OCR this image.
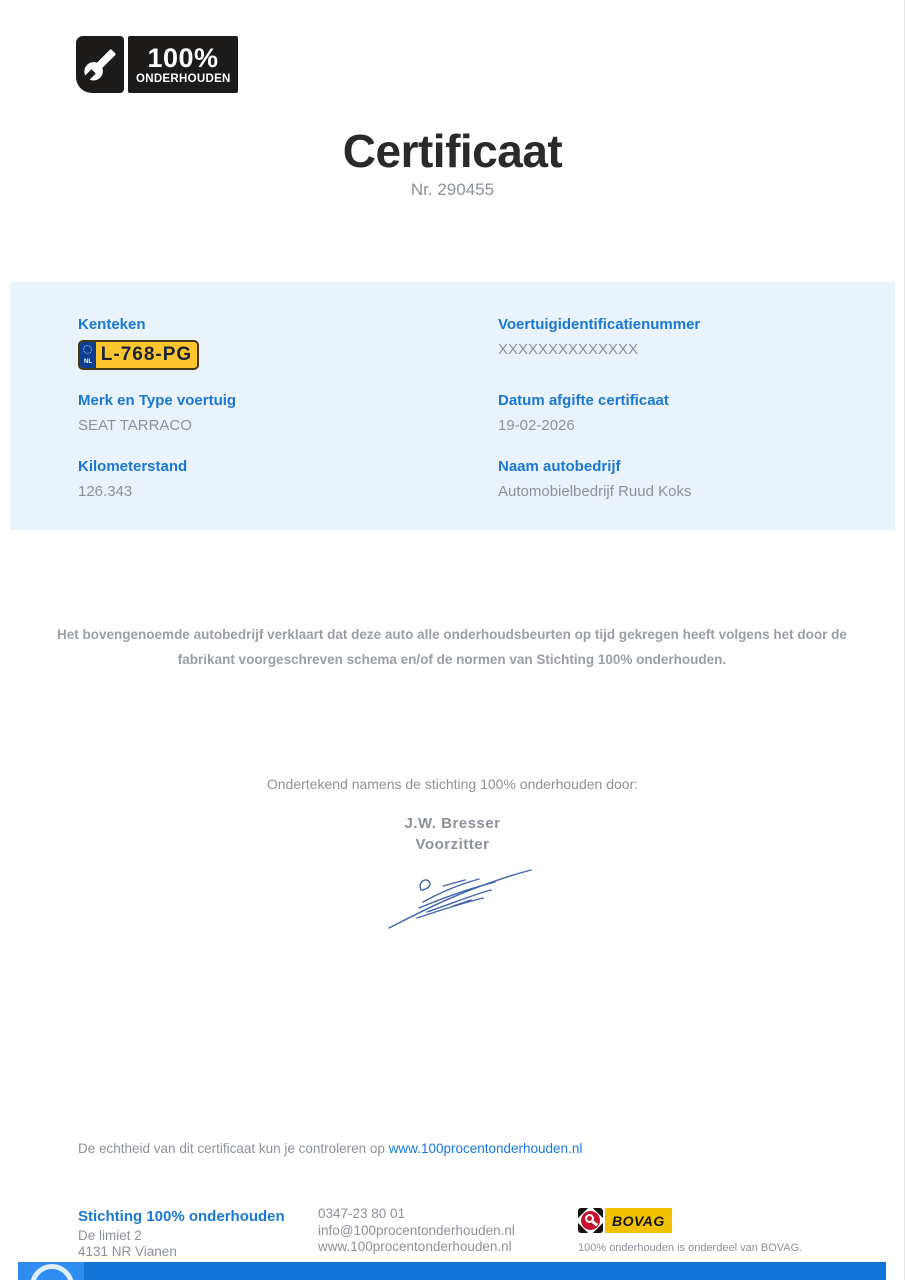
100%
ONDERHOUDEN
Certificaat
Nr. 290455
Kenteken
NL L-768-PG
Voertuigidentificatienummer
XXXXXXXXXXXXXX
Merk en Type voertuig
SEAT TARRACO
Datum afgifte certificaat
19-02-2026
Kilometerstand
126.343
Naam autobedrijf
Automobielbedrijf Ruud Koks
Het bovengenoemde autobedrijf verklaart dat deze auto alle onderhoudsbeurten op tijd gekregen heeft volgens het door de fabrikant voorgeschreven schema en/of de normen van Stichting 100% onderhouden.
Ondertekend namens de stichting 100% onderhouden door:
J.W. Bresser
Voorzitter
De echtheid van dit certificaat kun je controleren op www.100procentonderhouden.nl
Stichting 100% onderhouden
De limiet 2
4131 NR Vianen
0347-23 80 01
info@100procentonderhouden.nl
www.100procentonderhouden.nl
BOVAG
100% onderhouden is onderdeel van BOVAG.
